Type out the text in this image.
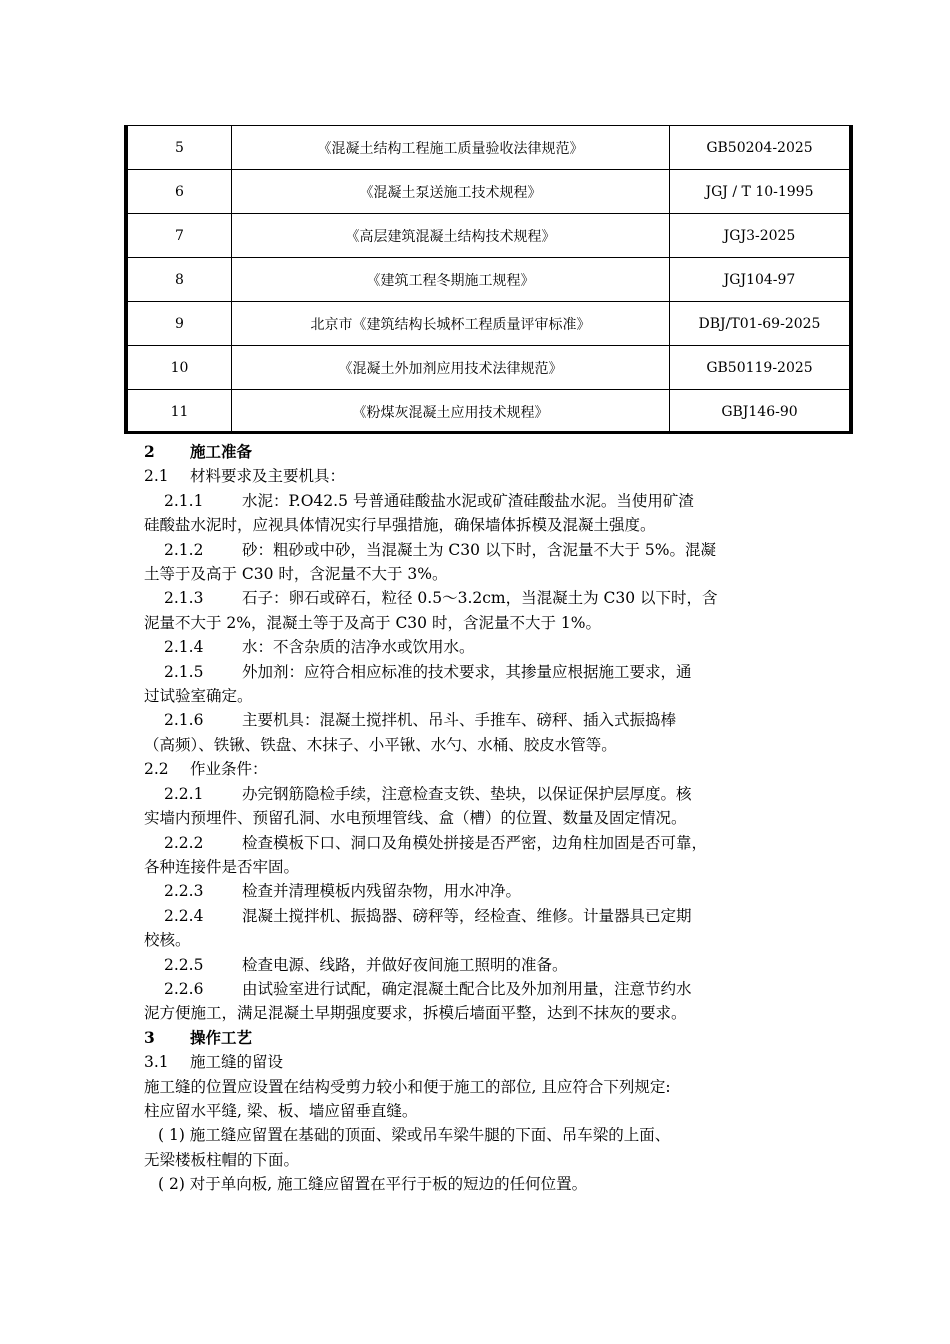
5	《混凝土结构工程施工质量验收法律规范》	GB50204-2025
6	《混凝土泵送施工技术规程》	JGJ / T 10-1995
7	《高层建筑混凝土结构技术规程》	JGJ3-2025
8	《建筑工程冬期施工规程》	JGJ104-97
9	北京市《建筑结构长城杯工程质量评审标准》	DBJ/T01-69-2025
10	《混凝土外加剂应用技术法律规范》	GB50119-2025
11	《粉煤灰混凝土应用技术规程》	GBJ146-90

2 施工准备

2.1 材料要求及主要机具：

2.1.1 水泥：P.O42.5 号普通硅酸盐水泥或矿渣硅酸盐水泥。当使用矿渣

硅酸盐水泥时，应视具体情况实行早强措施，确保墙体拆模及混凝土强度。

2.1.2 砂：粗砂或中砂，当混凝土为 C30 以下时，含泥量不大于 5%。混凝

土等于及高于 C30 时，含泥量不大于 3%。

2.1.3 石子：卵石或碎石，粒径 0.5～3.2cm，当混凝土为 C30 以下时，含

泥量不大于 2%，混凝土等于及高于 C30 时，含泥量不大于 1%。

2.1.4 水：不含杂质的洁净水或饮用水。

2.1.5 外加剂：应符合相应标准的技术要求，其掺量应根据施工要求，通

过试验室确定。

2.1.6 主要机具：混凝土搅拌机、吊斗、手推车、磅秤、插入式振捣棒

（高频）、铁锹、铁盘、木抹子、小平锹、水勺、水桶、胶皮水管等。

2.2 作业条件：

2.2.1 办完钢筋隐检手续，注意检查支铁、垫块，以保证保护层厚度。核

实墙内预埋件、预留孔洞、水电预埋管线、盒（槽）的位置、数量及固定情况。

2.2.2 检查模板下口、洞口及角模处拼接是否严密，边角柱加固是否可靠，

各种连接件是否牢固。

2.2.3 检查并清理模板内残留杂物，用水冲净。

2.2.4 混凝土搅拌机、振捣器、磅秤等，经检查、维修。计量器具已定期

校核。

2.2.5 检查电源、线路，并做好夜间施工照明的准备。

2.2.6 由试验室进行试配，确定混凝土配合比及外加剂用量，注意节约水

泥方便施工，满足混凝土早期强度要求，拆模后墙面平整，达到不抹灰的要求。

3 操作工艺

3.1 施工缝的留设

施工缝的位置应设置在结构受剪力较小和便于施工的部位, 且应符合下列规定:

柱应留水平缝, 梁、板、墙应留垂直缝。

( 1) 施工缝应留置在基础的顶面、梁或吊车梁牛腿的下面、吊车梁的上面、

无梁楼板柱帽的下面。

( 2) 对于单向板, 施工缝应留置在平行于板的短边的任何位置。
